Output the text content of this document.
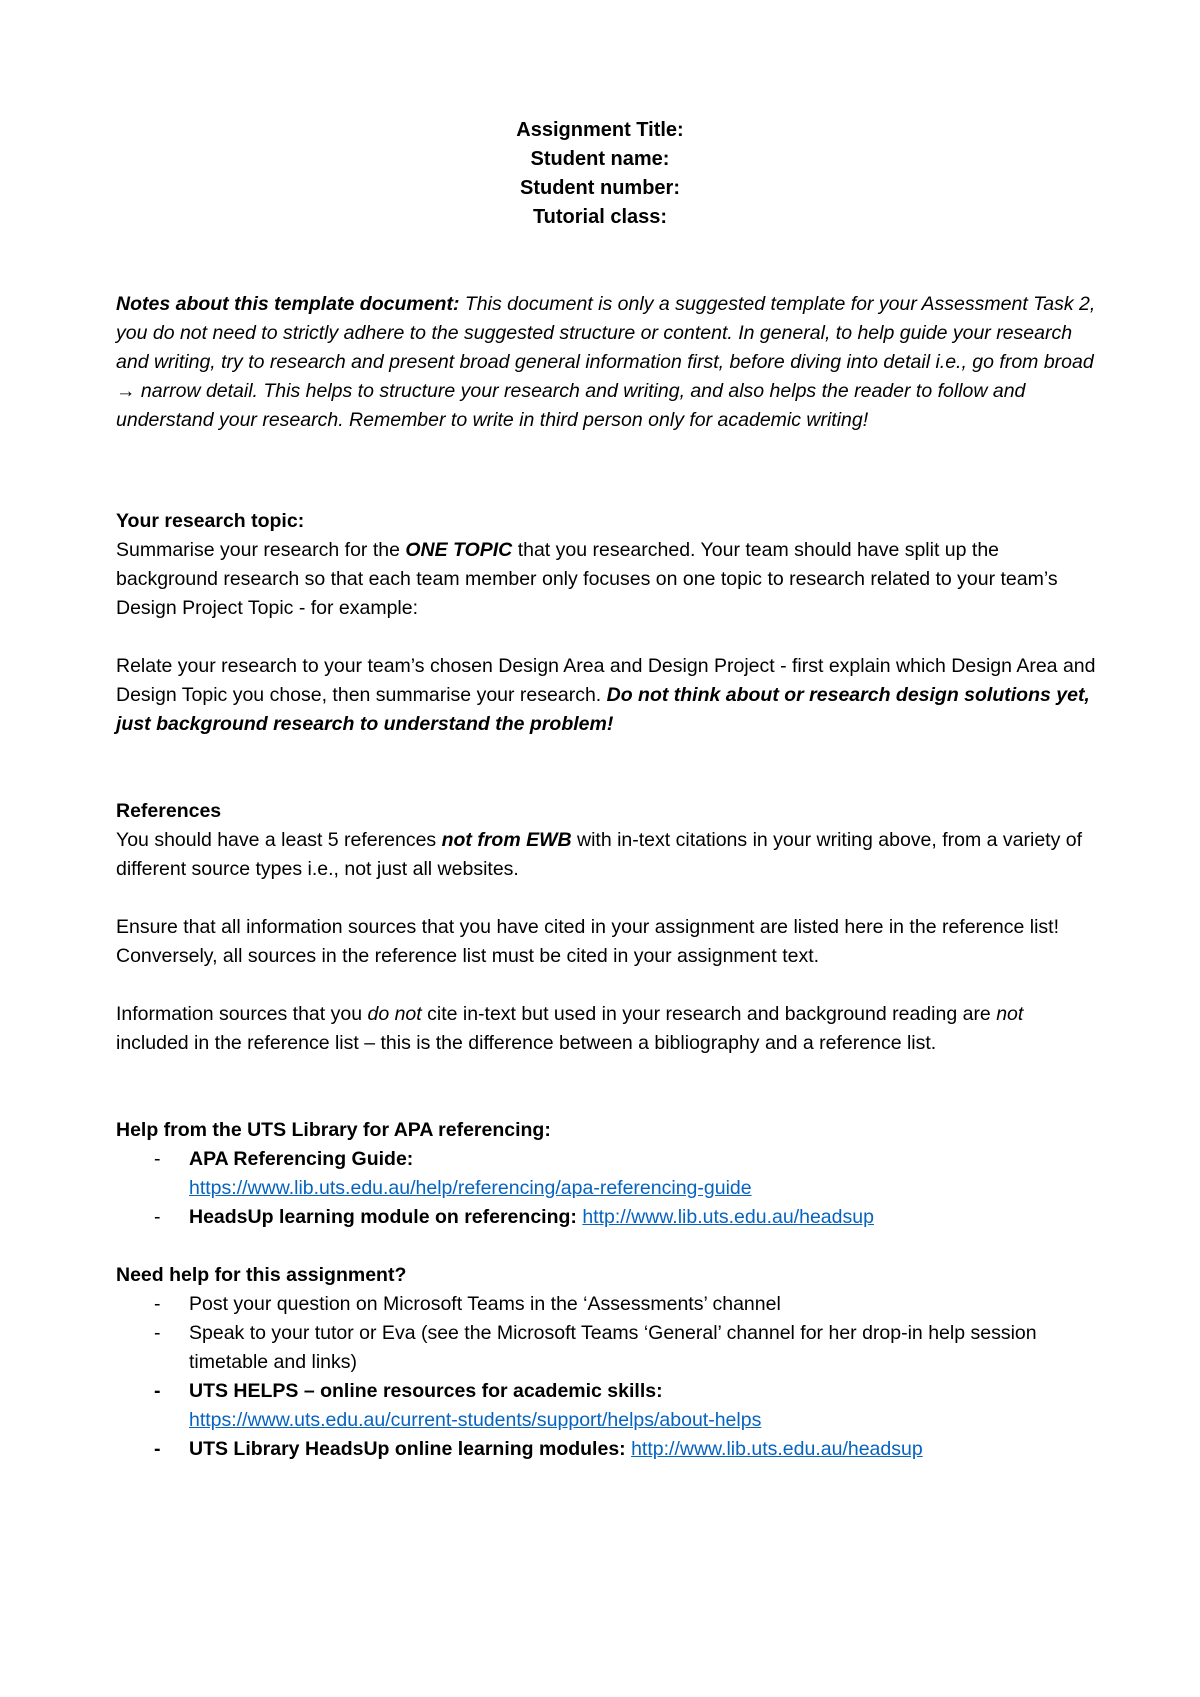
Assignment Title:
Student name:
Student number:
Tutorial class:

Notes about this template document: This document is only a suggested template for your Assessment Task 2, you do not need to strictly adhere to the suggested structure or content. In general, to help guide your research and writing, try to research and present broad general information first, before diving into detail i.e., go from broad → narrow detail. This helps to structure your research and writing, and also helps the reader to follow and understand your research. Remember to write in third person only for academic writing!

Your research topic:

Summarise your research for the ONE TOPIC that you researched. Your team should have split up the background research so that each team member only focuses on one topic to research related to your team’s Design Project Topic - for example:

Relate your research to your team’s chosen Design Area and Design Project - first explain which Design Area and Design Topic you chose, then summarise your research. Do not think about or research design solutions yet, just background research to understand the problem!

References

You should have a least 5 references not from EWB with in-text citations in your writing above, from a variety of different source types i.e., not just all websites.

Ensure that all information sources that you have cited in your assignment are listed here in the reference list! Conversely, all sources in the reference list must be cited in your assignment text.

Information sources that you do not cite in-text but used in your research and background reading are not included in the reference list – this is the difference between a bibliography and a reference list.

Help from the UTS Library for APA referencing:

- APA Referencing Guide:
https://www.lib.uts.edu.au/help/referencing/apa-referencing-guide
- HeadsUp learning module on referencing: http://www.lib.uts.edu.au/headsup

Need help for this assignment?

- Post your question on Microsoft Teams in the ‘Assessments’ channel
- Speak to your tutor or Eva (see the Microsoft Teams ‘General’ channel for her drop-in help session timetable and links)
- UTS HELPS – online resources for academic skills:
https://www.uts.edu.au/current-students/support/helps/about-helps
- UTS Library HeadsUp online learning modules: http://www.lib.uts.edu.au/headsup
